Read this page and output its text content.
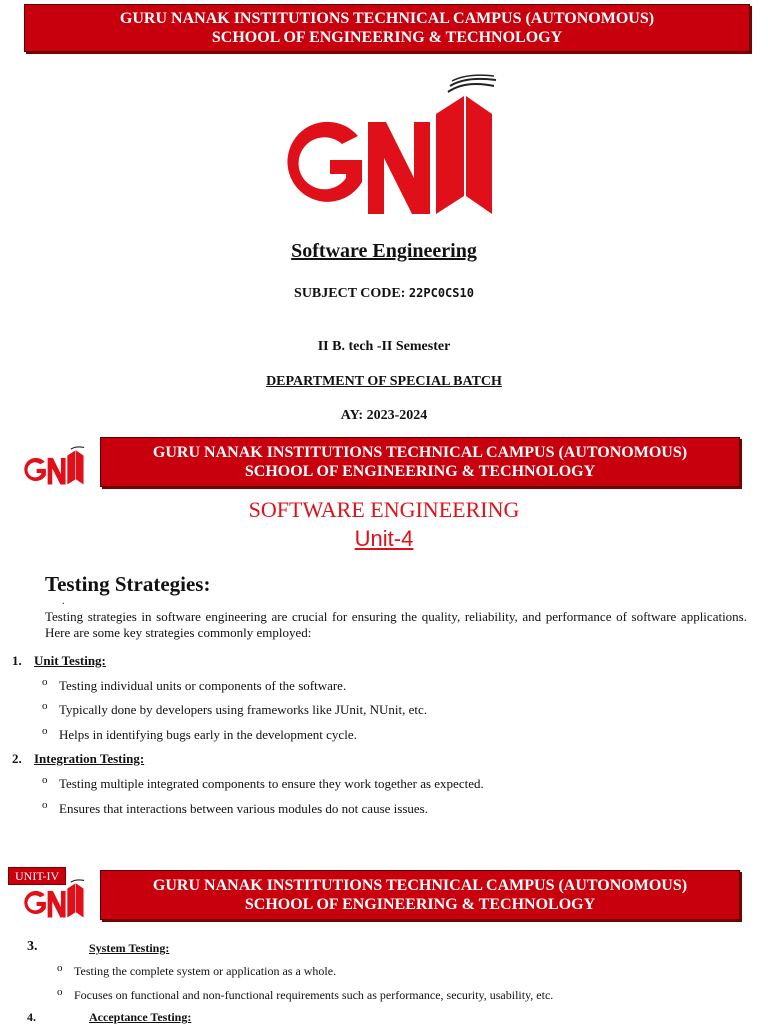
GURU NANAK INSTITUTIONS TECHNICAL CAMPUS (AUTONOMOUS)
SCHOOL OF ENGINEERING & TECHNOLOGY
Software Engineering
SUBJECT CODE: 22PC0CS10
II B. tech -II Semester
DEPARTMENT OF SPECIAL BATCH
AY: 2023-2024
GURU NANAK INSTITUTIONS TECHNICAL CAMPUS (AUTONOMOUS)
SCHOOL OF ENGINEERING & TECHNOLOGY
SOFTWARE ENGINEERING
Unit-4
Testing Strategies:
.
Testing strategies in software engineering are crucial for ensuring the quality, reliability, and performance of software applications. Here are some key strategies commonly employed:
1. Unit Testing:
o Testing individual units or components of the software.
o Typically done by developers using frameworks like JUnit, NUnit, etc.
o Helps in identifying bugs early in the development cycle.
2. Integration Testing:
o Testing multiple integrated components to ensure they work together as expected.
o Ensures that interactions between various modules do not cause issues.
UNIT-IV
GURU NANAK INSTITUTIONS TECHNICAL CAMPUS (AUTONOMOUS)
SCHOOL OF ENGINEERING & TECHNOLOGY
3.	System Testing:
o Testing the complete system or application as a whole.
o Focuses on functional and non-functional requirements such as performance, security, usability, etc.
4.	Acceptance Testing:
